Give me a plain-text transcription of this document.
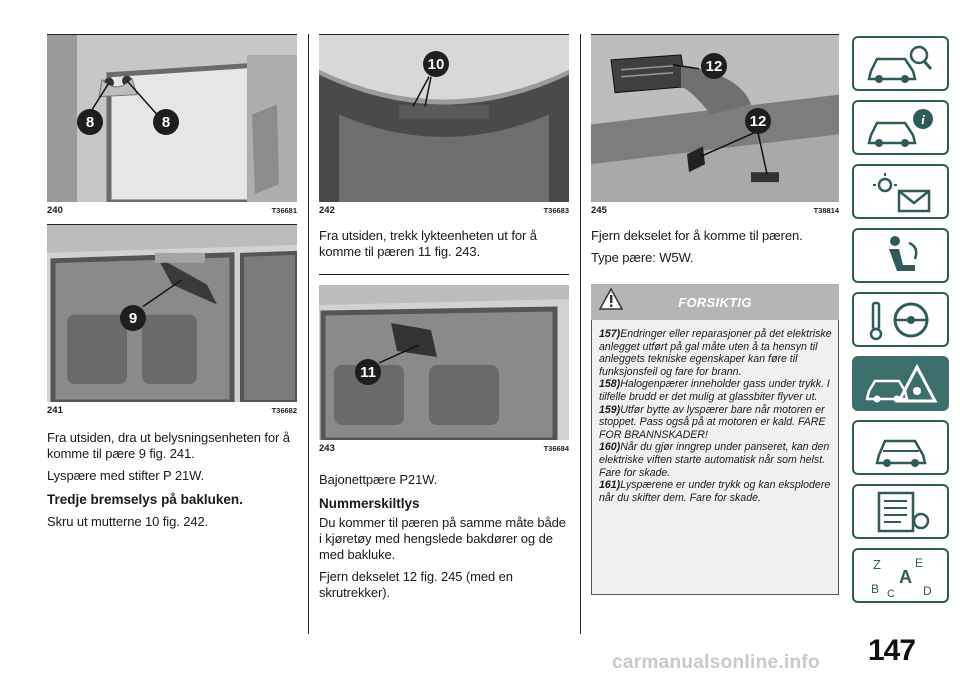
8	8
240	T36681
9
241	T36682

Fra utsiden, dra ut belysningsenheten for å komme til pære 9 fig. 241.

Lyspære med stifter P 21W.

Tredje bremselys på bakluken.

Skru ut mutterne 10 fig. 242.

10
242	T36683

Fra utsiden, trekk lykteenheten ut for å komme til pæren 11 fig. 243.

11
243	T36684

Bajonettpære P21W.

Nummerskiltlys

Du kommer til pæren på samme måte både i kjøretøy med hengslede bakdører og de med bakluke.

Fjern dekselet 12 fig. 245 (med en skrutrekker).

12
12
245	T38814

Fjern dekselet for å komme til pæren.

Type pære: W5W.

FORSIKTIG
157)Endringer eller reparasjoner på det elektriske anlegget utført på gal måte uten å ta hensyn til anleggets tekniske egenskaper kan føre til funksjonsfeil og fare for brann.
158)Halogenpærer inneholder gass under trykk. I tilfelle brudd er det mulig at glassbiter flyver ut.
159)Utfør bytte av lyspærer bare når motoren er stoppet. Pass også på at motoren er kald. FARE FOR BRANNSKADER!
160)Når du gjør inngrep under panseret, kan den elektriske viften starte automatisk når som helst. Fare for skade.
161)Lyspærene er under trykk og kan eksplodere når du skifter dem. Fare for skade.
i
Z	E
A
B C D
147
carmanualsonline.info
